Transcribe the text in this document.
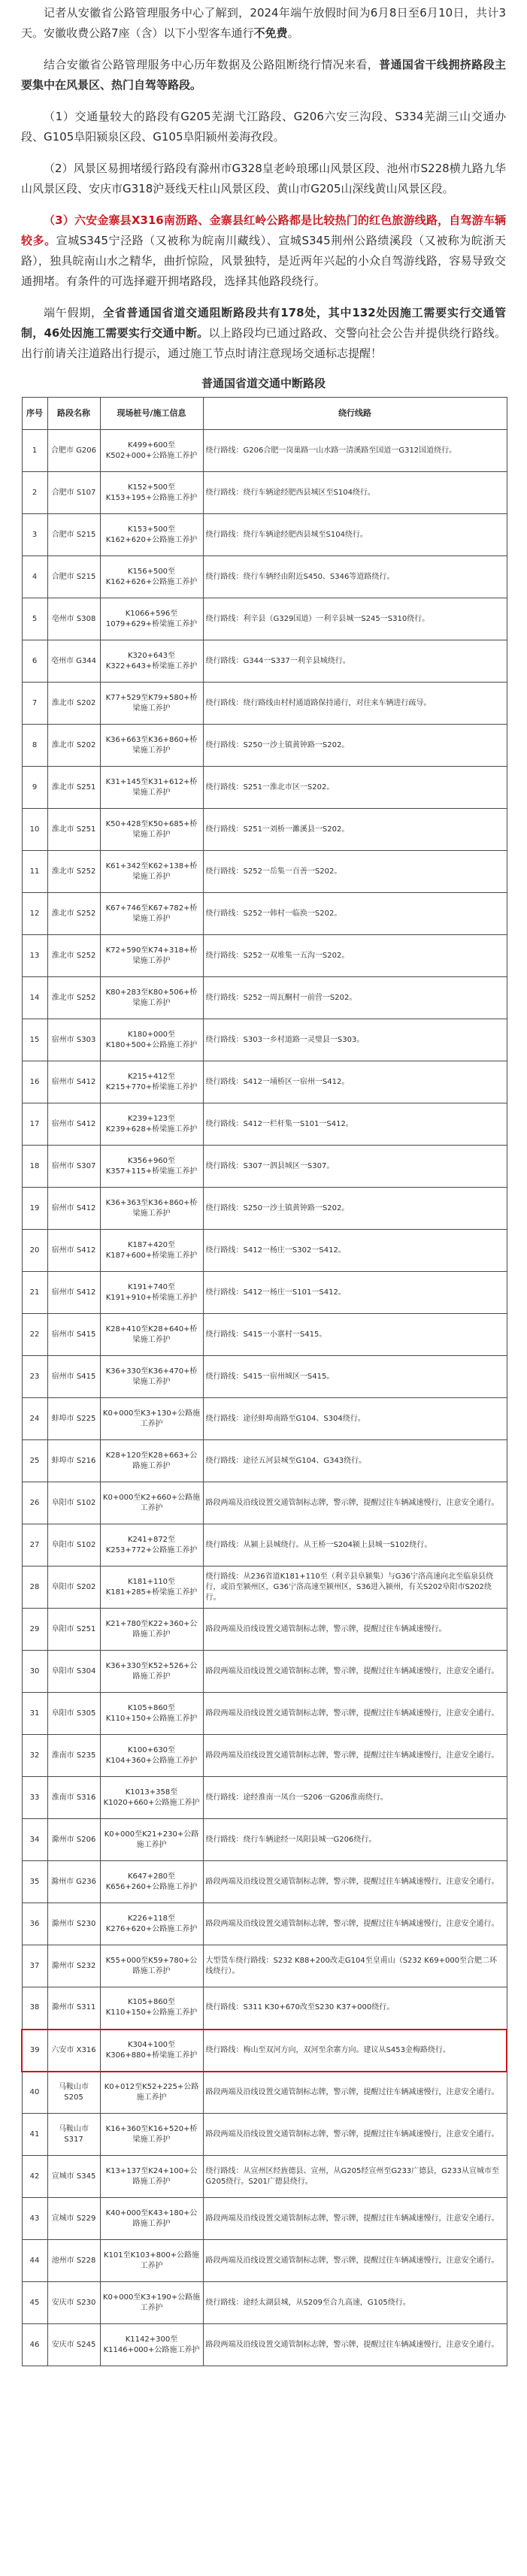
记者从安徽省公路管理服务中心了解到，2024年端午放假时间为6月8日至6月10日，共计3天。安徽收费公路7座（含）以下小型客车通行不免费。

结合安徽省公路管理服务中心历年数据及公路阻断绕行情况来看，普通国省干线拥挤路段主要集中在风景区、热门自驾等路段。

（1）交通量较大的路段有G205芜湖弋江路段、G206六安三沟段、S334芜湖三山交通办段、G105阜阳颍泉区段、G105阜阳颍州姜海孜段。

（2）风景区易拥堵缓行路段有滁州市G328皇老岭琅琊山风景区段、池州市S228横九路九华山风景区段、安庆市G318沪聂线天柱山风景区段、黄山市G205山深线黄山风景区段。

（3）六安金寨县X316南沥路、金寨县红岭公路都是比较热门的红色旅游线路，自驾游车辆较多。宣城S345宁泾路（又被称为皖南川藏线）、宣城S345荆州公路绩溪段（又被称为皖浙天路），独具皖南山水之精华，曲折惊险，风景独特，是近两年兴起的小众自驾游线路，容易导致交通拥堵。有条件的可选择避开拥堵路段，选择其他路段绕行。

端午假期，全省普通国省道交通阻断路段共有178处，其中132处因施工需要实行交通管制，46处因施工需要实行交通中断。以上路段均已通过路政、交警向社会公告并提供绕行路线。出行前请关注道路出行提示，通过施工节点时请注意现场交通标志提醒！

普通国省道交通中断路段
序号	路段名称	现场桩号/施工信息	绕行线路
1	合肥市 G206	K499+600至K502+000+公路施工养护	绕行路线：G206合肥一岗巢路一山水路一清溪路至国道一G312国道绕行。
2	合肥市 S107	K152+500至K153+195+公路施工养护	绕行路线：绕行车辆途经肥西县城区至S104绕行。
3	合肥市 S215	K153+500至K162+620+公路施工养护	绕行路线：绕行车辆途经肥西县城至S104绕行。
4	合肥市 S215	K156+500至K162+626+公路施工养护	绕行路线：绕行车辆经由附近S450、S346等道路绕行。
5	亳州市 S308	K1066+596至1079+629+桥梁施工养护	绕行路线：利辛县（G329国道）一利辛县城一S245一S310绕行。
6	亳州市 G344	K320+643至K322+643+桥梁施工养护	绕行路线：G344一S337一利辛县城绕行。
7	淮北市 S202	K77+529至K79+580+桥梁施工养护	绕行路线：绕行路线由村村通道路保持通行，对往来车辆进行疏导。
8	淮北市 S202	K36+663至K36+860+桥梁施工养护	绕行路线：S250一沙土镇黄钟路一S202。
9	淮北市 S251	K31+145至K31+612+桥梁施工养护	绕行路线：S251一淮北市区一S202。
10	淮北市 S251	K50+428至K50+685+桥梁施工养护	绕行路线：S251一刘桥一濉溪县一S202。
11	淮北市 S252	K61+342至K62+138+桥梁施工养护	绕行路线：S252一岳集一百善一S202。
12	淮北市 S252	K67+746至K67+782+桥梁施工养护	绕行路线：S252一韩村一临涣一S202。
13	淮北市 S252	K72+590至K74+318+桥梁施工养护	绕行路线：S252一双堆集一五沟一S202。
14	淮北市 S252	K80+283至K80+506+桥梁施工养护	绕行路线：S252一周瓦酮村一前营一S202。
15	宿州市 S303	K180+000至K180+500+公路施工养护	绕行路线：S303一乡村道路一灵璧县一S303。
16	宿州市 S412	K215+412至K215+770+桥梁施工养护	绕行路线：S412一埇桥区一宿州一S412。
17	宿州市 S412	K239+123至K239+628+桥梁施工养护	绕行路线：S412一栏杆集一S101一S412。
18	宿州市 S307	K356+960至K357+115+桥梁施工养护	绕行路线：S307一泗县城区一S307。
19	宿州市 S412	K36+363至K36+860+桥梁施工养护	绕行路线：S250一沙土镇黄钟路一S202。
20	宿州市 S412	K187+420至K187+600+桥梁施工养护	绕行路线：S412一杨庄一S302一S412。
21	宿州市 S412	K191+740至K191+910+桥梁施工养护	绕行路线：S412一杨庄一S101一S412。
22	宿州市 S415	K28+410至K28+640+桥梁施工养护	绕行路线：S415一小寨村一S415。
23	宿州市 S415	K36+330至K36+470+桥梁施工养护	绕行路线：S415一宿州城区一S415。
24	蚌埠市 S225	K0+000至K3+130+公路施工养护	绕行路线：途径蚌埠南路至G104、S304绕行。
25	蚌埠市 S216	K28+120至K28+663+公路施工养护	绕行路线：途径五河县城至G104、G343绕行。
26	阜阳市 S102	K0+000至K2+660+公路施工养护	路段两端及沿线设置交通管制标志牌，警示牌，提醒过往车辆减速慢行，注意安全通行。
27	阜阳市 S102	K241+872至K253+772+公路施工养护	绕行路线：从颍上县城绕行。从王桥一S204颍上县城一S102绕行。
28	阜阳市 S202	K181+110至K181+285+桥梁施工养护	绕行路线：从236省道K181+110至（利辛县阜颍集）与G36宁洛高速向北至临泉县绕行，或沿至颍州区，G36宁洛高速至颍州区，S36进入颍州，有关S202阜阳市S202绕行。
29	阜阳市 S251	K21+780至K22+360+公路施工养护	路段两端及沿线设置交通管制标志牌，警示牌，提醒过往车辆减速慢行。
30	阜阳市 S304	K36+330至K52+526+公路施工养护	路段两端及沿线设置交通管制标志牌，警示牌，提醒过往车辆减速慢行，注意安全通行。
31	阜阳市 S305	K105+860至K110+150+公路施工养护	路段两端及沿线设置交通管制标志牌，警示牌，提醒过往车辆减速慢行，注意安全通行。
32	淮南市 S235	K100+630至K104+360+公路施工养护	路段两端及沿线设置交通管制标志牌，警示牌，提醒过往车辆减速慢行，注意安全通行。
33	淮南市 S316	K1013+358至K1020+660+公路施工养护	绕行路线：途经淮南一凤台一S206一G206淮南绕行。
34	滁州市 S206	K0+000至K21+230+公路施工养护	绕行路线：绕行车辆途经一凤阳县城一G206绕行。
35	滁州市 G236	K647+280至K656+260+公路施工养护	路段两端及沿线设置交通管制标志牌，警示牌，提醒过往车辆减速慢行，注意安全通行。
36	滁州市 S230	K226+118至K276+620+公路施工养护	路段两端及沿线设置交通管制标志牌，警示牌，提醒过往车辆减速慢行，注意安全通行。
37	滁州市 S232	K55+000至K59+780+公路施工养护	大型货车绕行路线：S232 K88+200改走G104至皇甫山（S232 K69+000至合肥二环线绕行）。
38	滁州市 S311	K105+860至K110+150+公路施工养护	绕行路线：S311 K30+670改至S230 K37+000绕行。
39	六安市 X316	K304+100至K306+880+桥梁施工养护	绕行路线：梅山至双河方向，双河至余寨方向。建议从S453金梅路绕行。
40	马鞍山市 S205	K0+012至K52+225+公路施工养护	路段两端及沿线设置交通管制标志牌，警示牌，提醒过往车辆减速慢行，注意安全通行。
41	马鞍山市 S317	K16+360至K16+520+桥梁施工养护	路段两端及沿线设置交通管制标志牌，警示牌，提醒过往车辆减速慢行，注意安全通行。
42	宣城市 S345	K13+137至K24+100+公路施工养护	绕行路线：从宣州区经旌德县、宣州，从G205经宣州至G233广德县，G233从宣城市至G205绕行。S201广德县绕行。
43	宣城市 S229	K40+000至K43+180+公路施工养护	路段两端及沿线设置交通管制标志牌，警示牌，提醒过往车辆减速慢行，注意安全通行。
44	池州市 S228	K101至K103+800+公路施工养护	路段两端及沿线设置交通管制标志牌，警示牌，提醒过往车辆减速慢行，注意安全通行。
45	安庆市 S230	K0+000至K3+190+公路施工养护	绕行路线：途经太湖县城，从S209至合九高速，G105绕行。
46	安庆市 S245	K1142+300至K1146+000+公路施工养护	路段两端及沿线设置交通管制标志牌，警示牌，提醒过往车辆减速慢行，注意安全通行。
